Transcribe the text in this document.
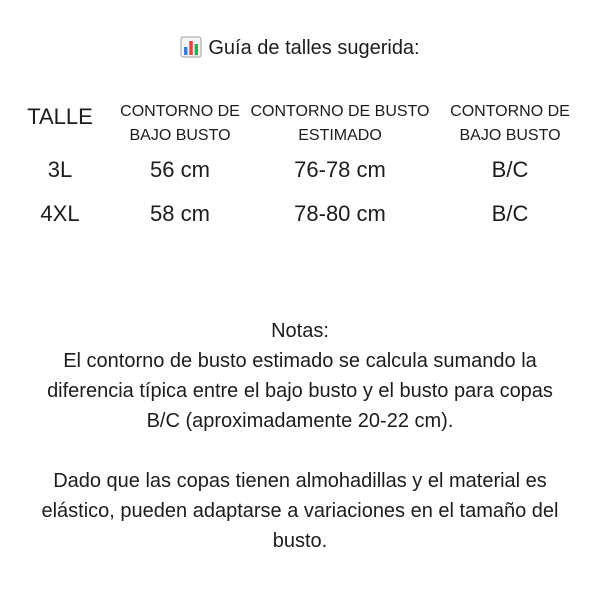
Guía de talles sugerida:
TALLE	CONTORNO DE BAJO BUSTO	CONTORNO DE BUSTO ESTIMADO	CONTORNO DE BAJO BUSTO
3L	56 cm	76-78 cm	B/C
4XL	58 cm	78-80 cm	B/C

Notas:

El contorno de busto estimado se calcula sumando la diferencia típica entre el bajo busto y el busto para copas B/C (aproximadamente 20-22 cm).

Dado que las copas tienen almohadillas y el material es elástico, pueden adaptarse a variaciones en el tamaño del busto.
